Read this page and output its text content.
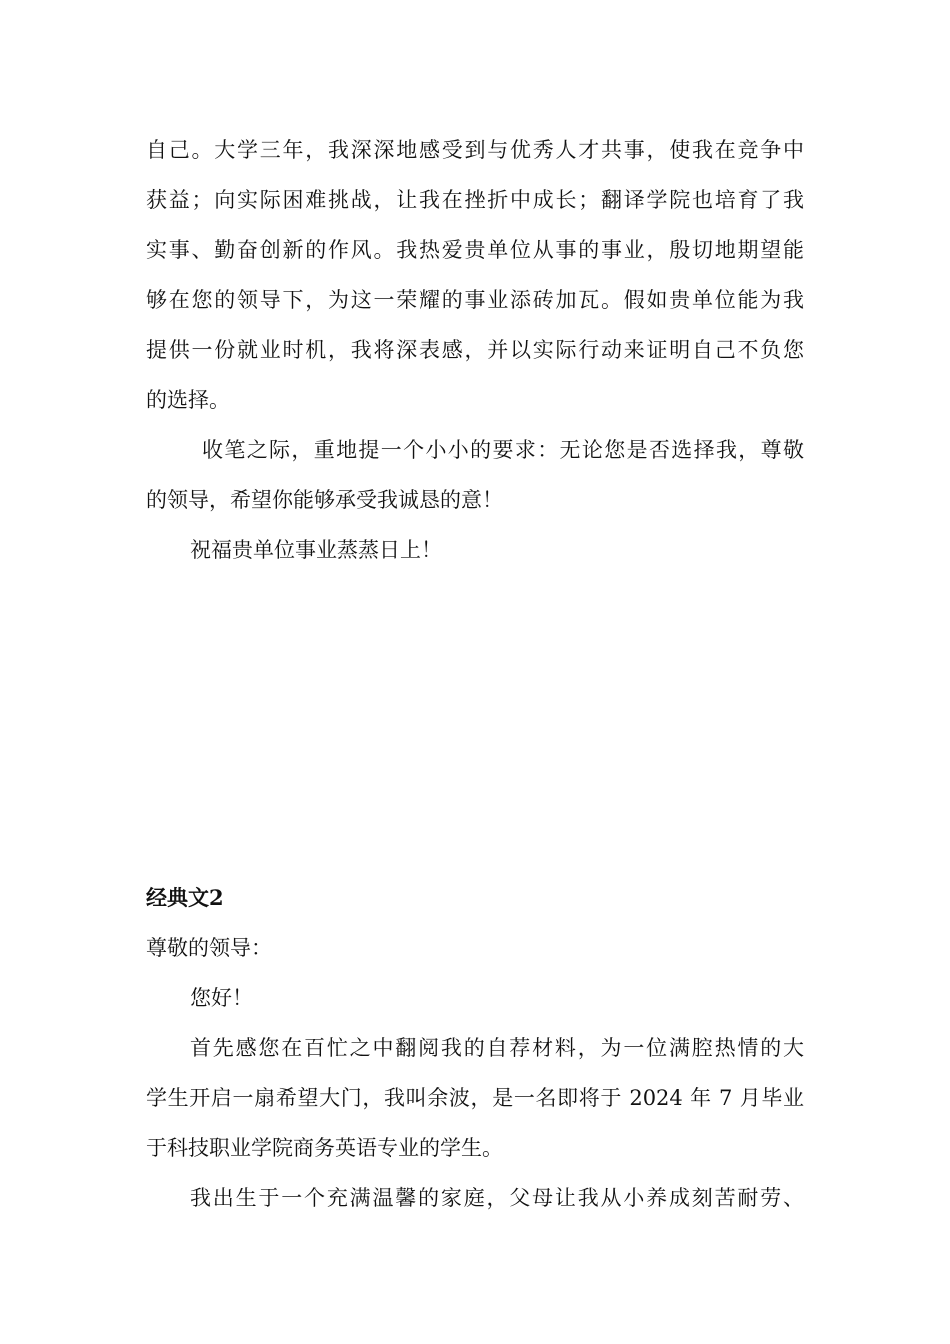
自己。大学三年，我深深地感受到与优秀人才共事，使我在竞争中
获益；向实际困难挑战，让我在挫折中成长；翻译学院也培育了我
实事、勤奋创新的作风。我热爱贵单位从事的事业，殷切地期望能
够在您的领导下，为这一荣耀的事业添砖加瓦。假如贵单位能为我
提供一份就业时机，我将深表感，并以实际行动来证明自己不负您
的选择。
收笔之际，重地提一个小小的要求：无论您是否选择我，尊敬
的领导，希望你能够承受我诚恳的意！
祝福贵单位事业蒸蒸日上！
经典文2
尊敬的领导：
您好！
首先感您在百忙之中翻阅我的自荐材料，为一位满腔热情的大
学生开启一扇希望大门，我叫余波，是一名即将于 2024 年 7 月毕业
于科技职业学院商务英语专业的学生。
我出生于一个充满温馨的家庭，父母让我从小养成刻苦耐劳、
